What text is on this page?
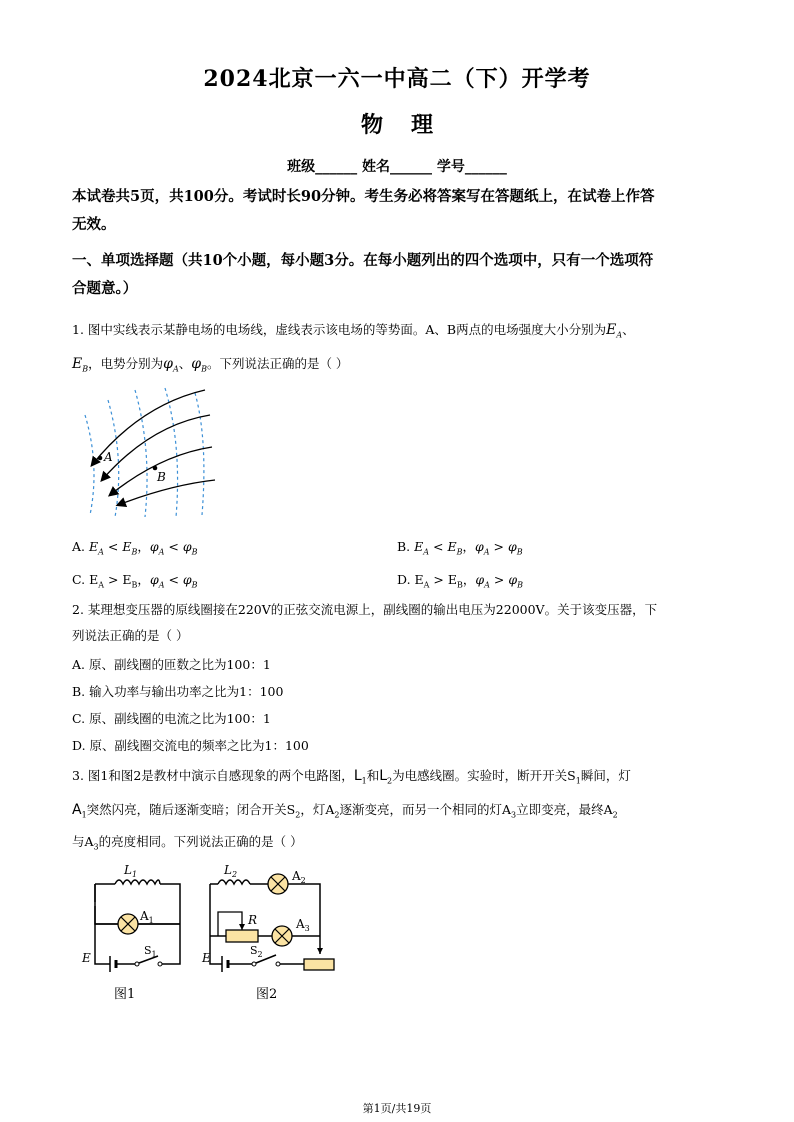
2024北京一六一中高二（下）开学考
物 理
班级______ 姓名______ 学号______
本试卷共5页，共100分。考试时长90分钟。考生务必将答案写在答题纸上，在试卷上作答
无效。
一、单项选择题（共10个小题，每小题3分。在每小题列出的四个选项中，只有一个选项符
合题意。）
1. 图中实线表示某静电场的电场线，虚线表示该电场的等势面。A、B两点的电场强度大小分别为$E_A$、
$E_B$，电势分别为$\varphi_A$、$\varphi_B$。下列说法正确的是（ ）
A
B
A. $E_A < E_B$，$\varphi_A < \varphi_B$	B. $E_A < E_B$，$\varphi_A > \varphi_B$
C. $E_A > E_B$，$\varphi_A < \varphi_B$	D. $E_A > E_B$，$\varphi_A > \varphi_B$
2. 某理想变压器的原线圈接在220V的正弦交流电源上，副线圈的输出电压为22000V。关于该变压器，下
列说法正确的是（ ）
A. 原、副线圈的匝数之比为100：1
B. 输入功率与输出功率之比为1：100
C. 原、副线圈的电流之比为100：1
D. 原、副线圈交流电的频率之比为1：100
3. 图1和图2是教材中演示自感现象的两个电路图，$L_1$和$L_2$为电感线圈。实验时，断开开关$S_1$瞬间，灯
$A_1$突然闪亮，随后逐渐变暗；闭合开关$S_2$，灯$A_2$逐渐变亮，而另一个相同的灯$A_3$立即变亮，最终$A_2$
与$A_3$的亮度相同。下列说法正确的是（ ）
$L_1$
$A_1$
E
$S_1$
图1
$L_2$	$A_2$
R	$A_3$
E
$S_2$
图2
第1页/共19页
